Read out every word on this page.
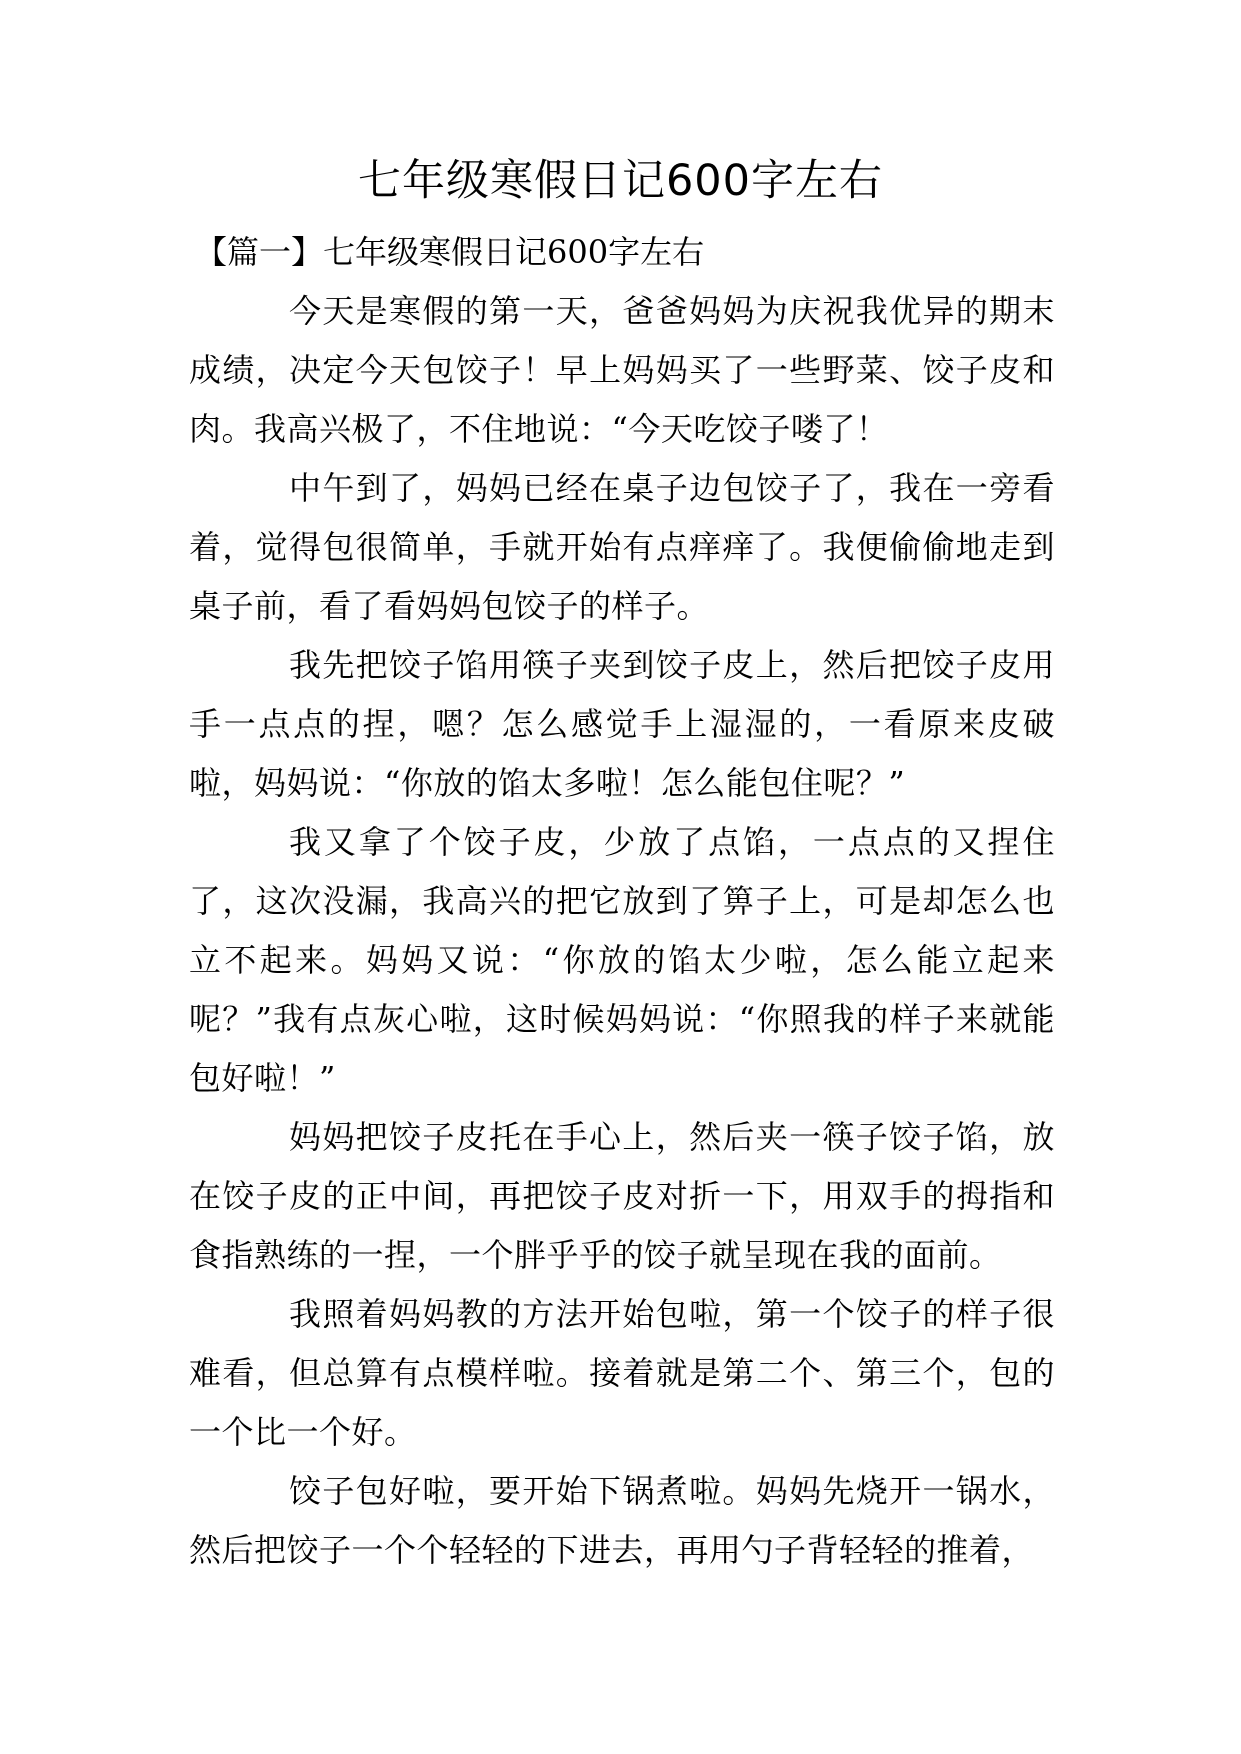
七年级寒假日记600字左右
【篇一】七年级寒假日记600字左右

今天是寒假的第一天，爸爸妈妈为庆祝我优异的期末成绩，决定今天包饺子！早上妈妈买了一些野菜、饺子皮和肉。我高兴极了，不住地说：“今天吃饺子喽了！

中午到了，妈妈已经在桌子边包饺子了，我在一旁看着，觉得包很简单，手就开始有点痒痒了。我便偷偷地走到桌子前，看了看妈妈包饺子的样子。

我先把饺子馅用筷子夹到饺子皮上，然后把饺子皮用手一点点的捏，嗯？怎么感觉手上湿湿的，一看原来皮破啦，妈妈说：“你放的馅太多啦！怎么能包住呢？”

我又拿了个饺子皮，少放了点馅，一点点的又捏住了，这次没漏，我高兴的把它放到了箅子上，可是却怎么也立不起来。妈妈又说：“你放的馅太少啦，怎么能立起来呢？”我有点灰心啦，这时候妈妈说：“你照我的样子来就能包好啦！”

妈妈把饺子皮托在手心上，然后夹一筷子饺子馅，放在饺子皮的正中间，再把饺子皮对折一下，用双手的拇指和食指熟练的一捏，一个胖乎乎的饺子就呈现在我的面前。

我照着妈妈教的方法开始包啦，第一个饺子的样子很难看，但总算有点模样啦。接着就是第二个、第三个，包的一个比一个好。

饺子包好啦，要开始下锅煮啦。妈妈先烧开一锅水，然后把饺子一个个轻轻的下进去，再用勺子背轻轻的推着，
